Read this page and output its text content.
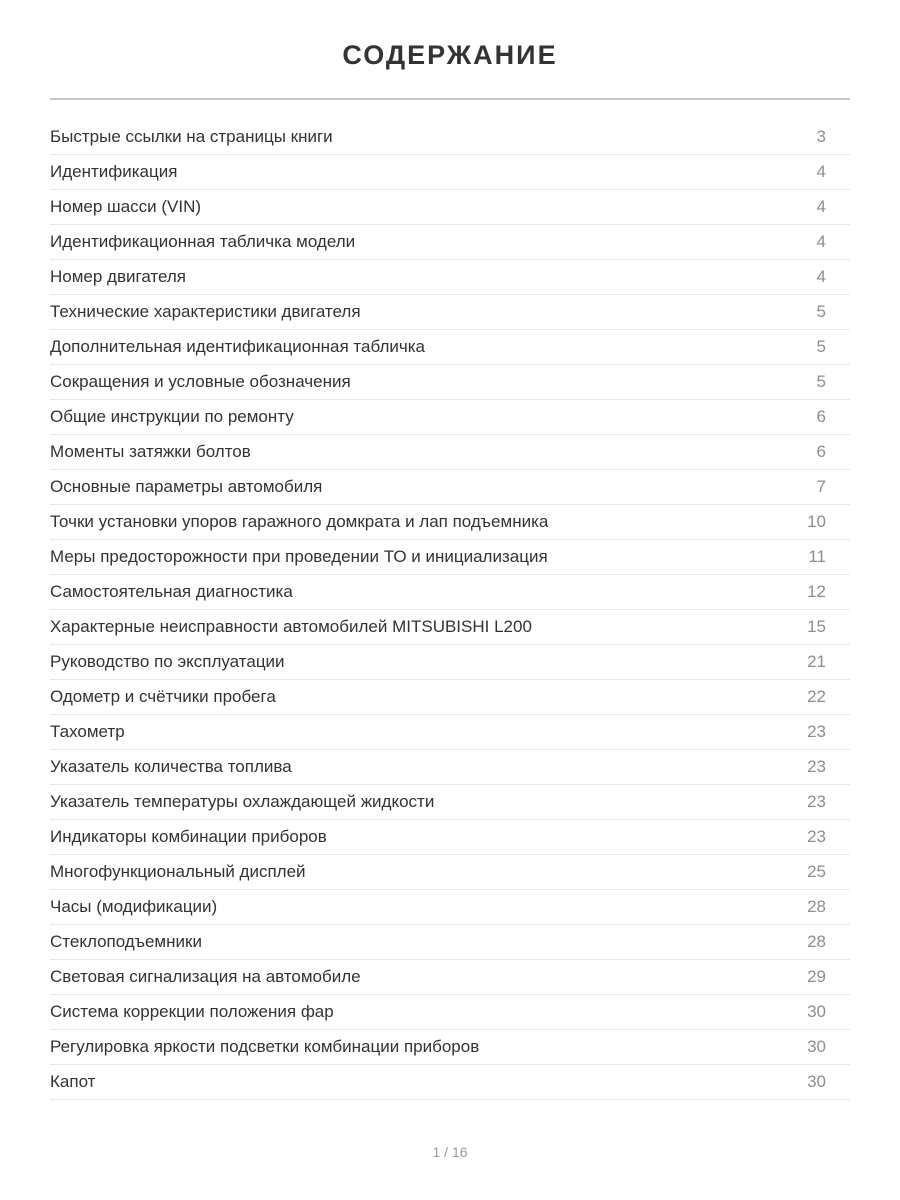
СОДЕРЖАНИЕ
Быстрые ссылки на страницы книги	3
Идентификация	4
Номер шасси (VIN)	4
Идентификационная табличка модели	4
Номер двигателя	4
Технические характеристики двигателя	5
Дополнительная идентификационная табличка	5
Сокращения и условные обозначения	5
Общие инструкции по ремонту	6
Моменты затяжки болтов	6
Основные параметры автомобиля	7
Точки установки упоров гаражного домкрата и лап подъемника	10
Меры предосторожности при проведении ТО и инициализация	11
Самостоятельная диагностика	12
Характерные неисправности автомобилей MITSUBISHI L200	15
Руководство по эксплуатации	21
Одометр и счётчики пробега	22
Тахометр	23
Указатель количества топлива	23
Указатель температуры охлаждающей жидкости	23
Индикаторы комбинации приборов	23
Многофункциональный дисплей	25
Часы (модификации)	28
Стеклоподъемники	28
Световая сигнализация на автомобиле	29
Система коррекции положения фар	30
Регулировка яркости подсветки комбинации приборов	30
Капот	30
1 / 16
